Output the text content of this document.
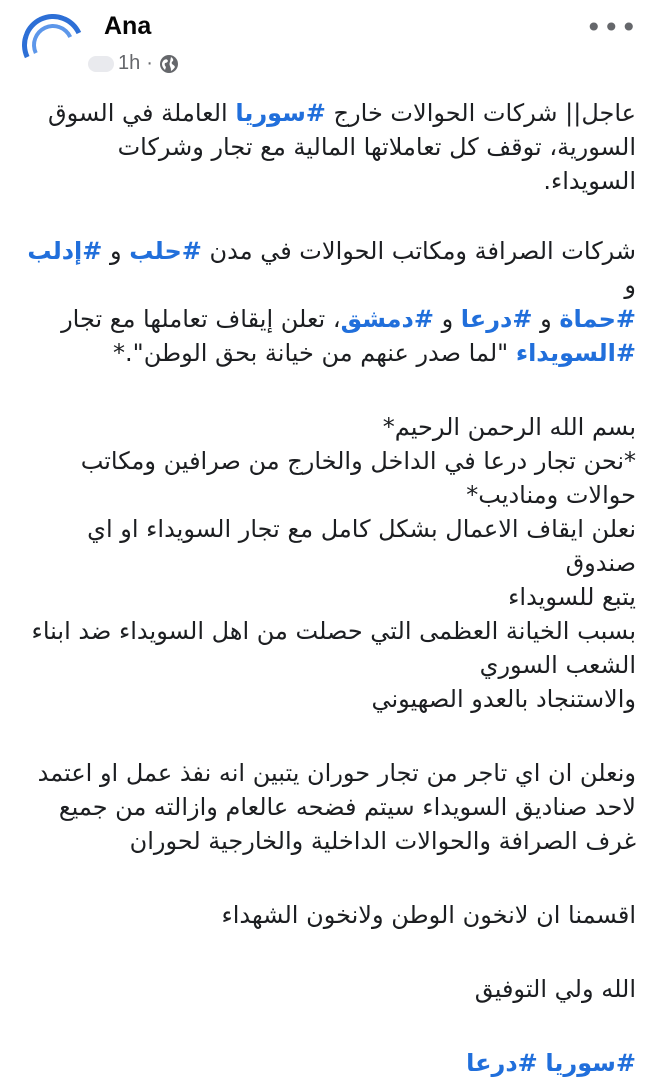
Ana
1h ·
•••

عاجل|| شركات الحوالات خارج #سوريا العاملة في السوق
السورية، توقف كل تعاملاتها المالية مع تجار وشركات السويداء.

شركات الصرافة ومكاتب الحوالات في مدن #حلب و #إدلب و
#حماة و #درعا و #دمشق، تعلن إيقاف تعاملها مع تجار
#السويداء "لما صدر عنهم من خيانة بحق الوطن".*

بسم الله الرحمن الرحيم*
*نحن تجار درعا في الداخل والخارج من صرافين ومكاتب
حوالات ومناديب*
نعلن ايقاف الاعمال بشكل كامل مع تجار السويداء او اي صندوق
يتبع للسويداء
بسبب الخيانة العظمى التي حصلت من اهل السويداء ضد ابناء
الشعب السوري
والاستنجاد بالعدو الصهيوني

ونعلن ان اي تاجر من تجار حوران يتبين انه نفذ عمل او اعتمد
لاحد صناديق السويداء سيتم فضحه عالعام وازالته من جميع
غرف الصرافة والحوالات الداخلية والخارجية لحوران

اقسمنا ان لانخون الوطن ولانخون الشهداء

الله ولي التوفيق

#سوريا #درعا
